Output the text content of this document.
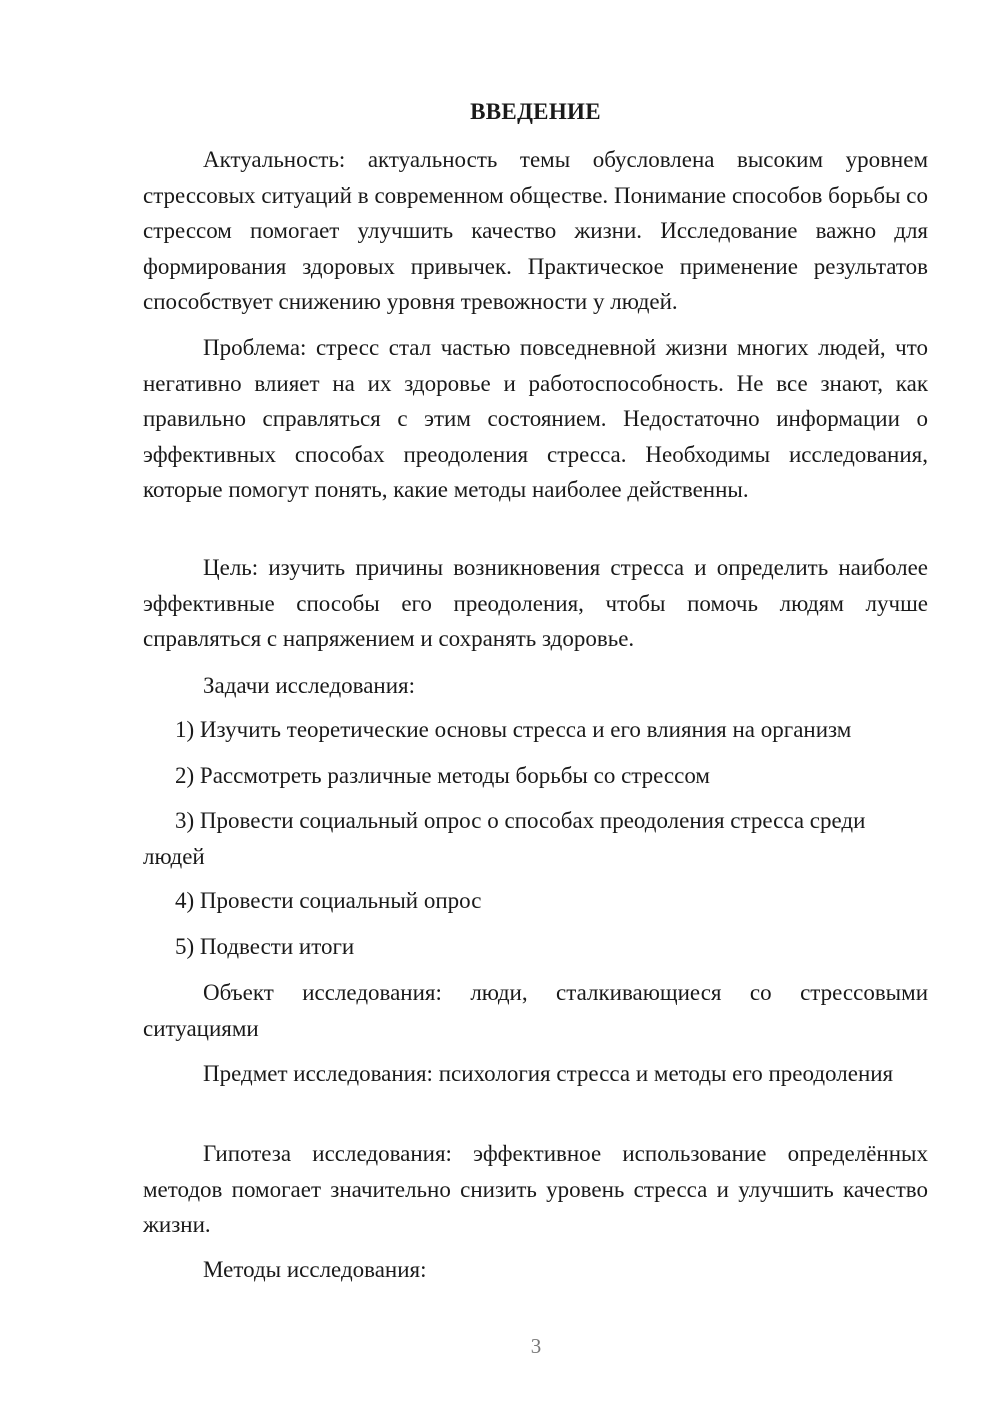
ВВЕДЕНИЕ

Актуальность: актуальность темы обусловлена высоким уровнем стрессовых ситуаций в современном обществе. Понимание способов борьбы со стрессом помогает улучшить качество жизни. Исследование важно для формирования здоровых привычек. Практическое применение результатов способствует снижению уровня тревожности у людей.

Проблема: стресс стал частью повседневной жизни многих людей, что негативно влияет на их здоровье и работоспособность. Не все знают, как правильно справляться с этим состоянием. Недостаточно информации о эффективных способах преодоления стресса. Необходимы исследования, которые помогут понять, какие методы наиболее действенны.

Цель: изучить причины возникновения стресса и определить наиболее эффективные способы его преодоления, чтобы помочь людям лучше справляться с напряжением и сохранять здоровье.

Задачи исследования:

1) Изучить теоретические основы стресса и его влияния на организм

2) Рассмотреть различные методы борьбы со стрессом

3) Провести социальный опрос о способах преодоления стресса среди людей

4) Провести социальный опрос

5) Подвести итоги

Объект исследования: люди, сталкивающиеся со стрессовыми ситуациями

Предмет исследования: психология стресса и методы его преодоления

Гипотеза исследования: эффективное использование определённых методов помогает значительно снизить уровень стресса и улучшить качество жизни.

Методы исследования:

3
